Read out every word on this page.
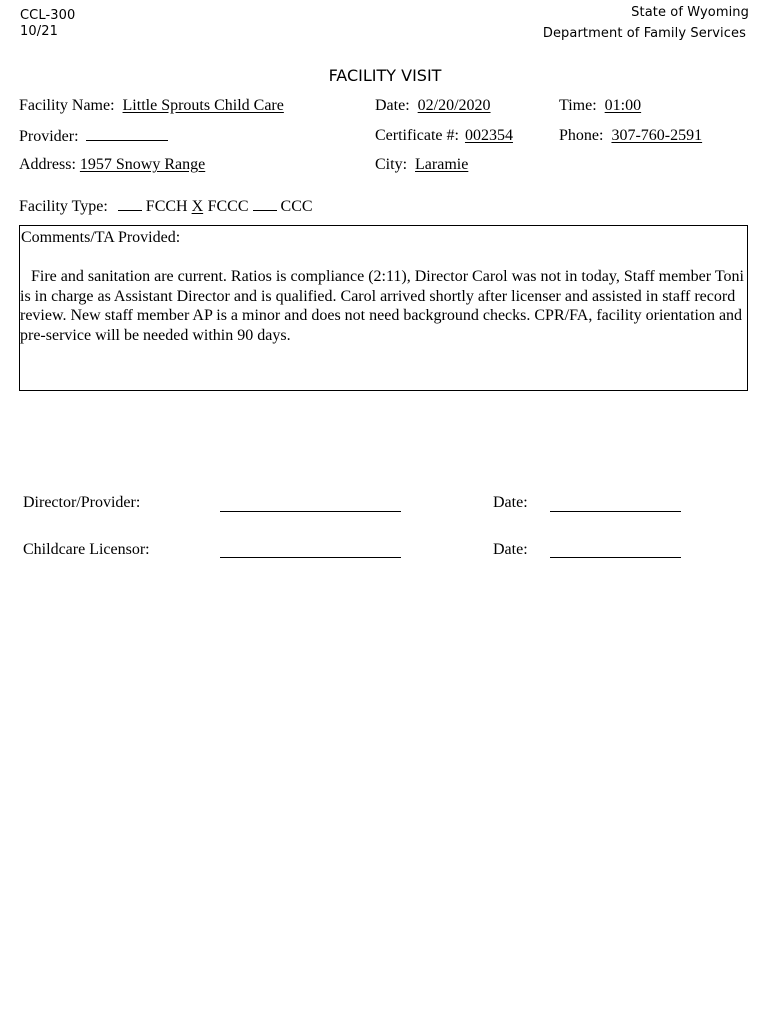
CCL-300
10/21
State of Wyoming
Department of Family Services
FACILITY VISIT
Facility Name: Little Sprouts Child Care	Date: 02/20/2020	Time: 01:00
Provider:	Certificate #: 002354	Phone: 307-760-2591
Address: 1957 Snowy Range	City: Laramie
Facility Type: FCCH X FCCC CCC
Comments/TA Provided:

Fire and sanitation are current. Ratios is compliance (2:11), Director Carol was not in today, Staff member Toni is in charge as Assistant Director and is qualified. Carol arrived shortly after licenser and assisted in staff record review. New staff member AP is a minor and does not need background checks. CPR/FA, facility orientation and pre-service will be needed within 90 days.

Director/Provider:	Date:
Childcare Licensor:	Date:
